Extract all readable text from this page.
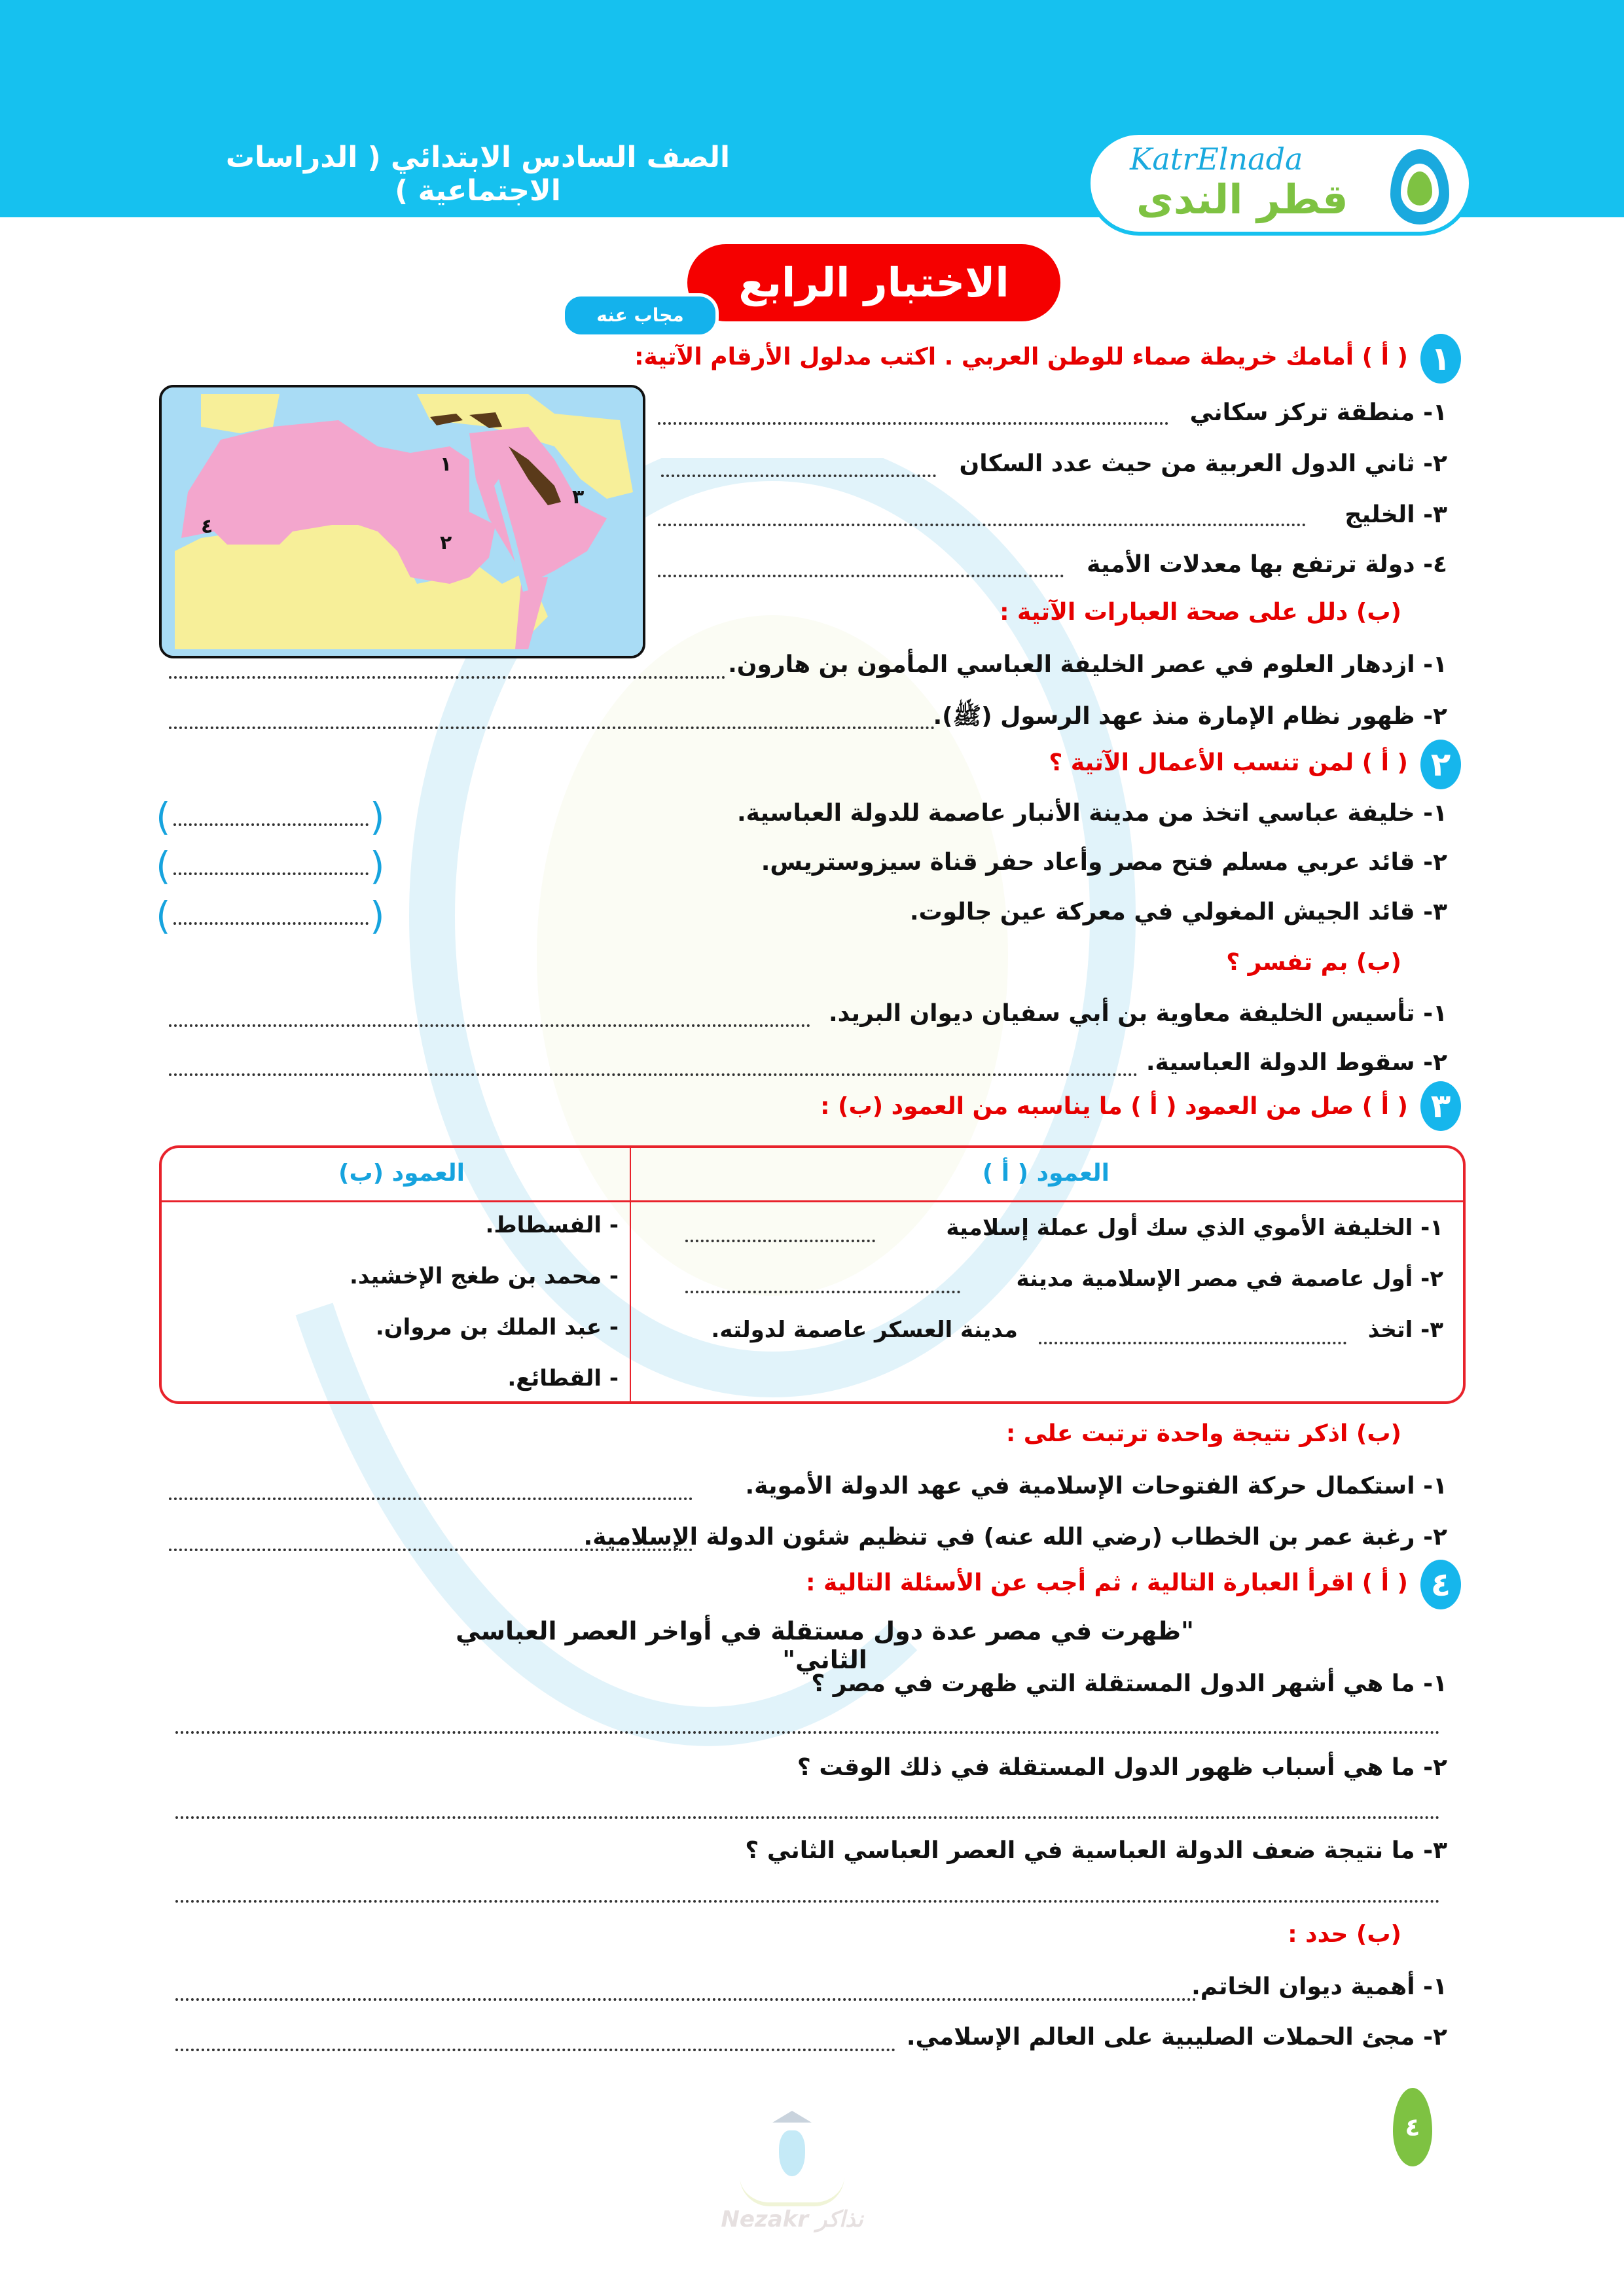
الصف السادس الابتدائي ( الدراسات الاجتماعية )
KatrElnada
قطر الندى
الاختبار الرابع
مجاب عنه
١
( أ ) أمامك خريطة صماء للوطن العربي . اكتب مدلول الأرقام الآتية:
١
٢
٣
٤
١- منطقة تركز سكاني
٢- ثاني الدول العربية من حيث عدد السكان
٣- الخليج
٤- دولة ترتفع بها معدلات الأمية
(ب) دلل على صحة العبارات الآتية :
١- ازدهار العلوم في عصر الخليفة العباسي المأمون بن هارون.
٢- ظهور نظام الإمارة منذ عهد الرسول (ﷺ).
٢
( أ ) لمن تنسب الأعمال الآتية ؟
١- خليفة عباسي اتخذ من مدينة الأنبار عاصمة للدولة العباسية.
٢- قائد عربي مسلم فتح مصر وأعاد حفر قناة سيزوستريس.
٣- قائد الجيش المغولي في معركة عين جالوت.
(
)
(
)
(
)
(ب) بم تفسر ؟
١- تأسيس الخليفة معاوية بن أبي سفيان ديوان البريد.
٢- سقوط الدولة العباسية.
٣
( أ ) صل من العمود ( أ ) ما يناسبه من العمود (ب) :
العمود ( أ )
العمود (ب)
١- الخليفة الأموي الذي سك أول عملة إسلامية
٢- أول عاصمة في مصر الإسلامية مدينة
٣- اتخذ
مدينة العسكر عاصمة لدولته.
- الفسطاط.
- محمد بن طغج الإخشيد.
- عبد الملك بن مروان.
- القطائع.
(ب) اذكر نتيجة واحدة ترتبت على :
١- استكمال حركة الفتوحات الإسلامية في عهد الدولة الأموية.
٢- رغبة عمر بن الخطاب (رضي الله عنه) في تنظيم شئون الدولة الإسلامية.
٤
( أ ) اقرأ العبارة التالية ، ثم أجب عن الأسئلة التالية :
"ظهرت في مصر عدة دول مستقلة في أواخر العصر العباسي الثاني"
١- ما هي أشهر الدول المستقلة التي ظهرت في مصر ؟
٢- ما هي أسباب ظهور الدول المستقلة في ذلك الوقت ؟
٣- ما نتيجة ضعف الدولة العباسية في العصر العباسي الثاني ؟
(ب) حدد :
١- أهمية ديوان الخاتم.
٢- مجئ الحملات الصليبية على العالم الإسلامي.
Nezakr نذاكر
٤
